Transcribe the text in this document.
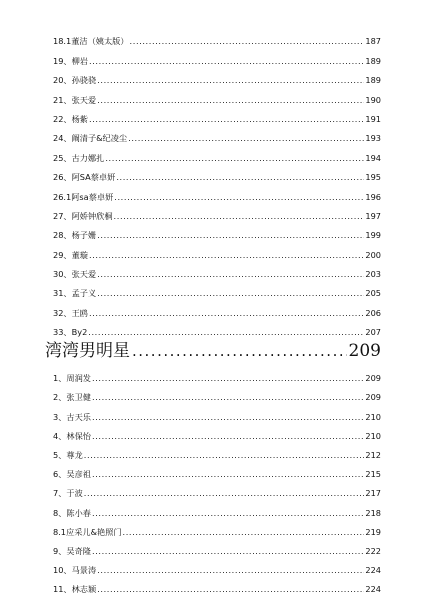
18.1董洁（姨太版） .....	187
19、柳岩 .....	189
20、孙骁骁 .....	189
21、张天爱 .....	190
22、杨紫 .....	191
24、阚清子&纪凌尘 .....	193
25、古力娜扎 .....	194
26、阿SA蔡卓妍 .....	195
26.1阿sa蔡卓妍 .....	196
27、阿娇钟欣桐 .....	197
28、杨子姗 .....	199
29、董璇 .....	200
30、张天爱 .....	203
31、孟子义 .....	205
32、王鸥 .....	206
33、By2 .....	207
湾湾男明星 .....	209
1、周润发 .....	209
2、张卫健 .....	209
3、古天乐 .....	210
4、林保怡 .....	210
5、尊龙 .....	212
6、吴彦祖 .....	215
7、于波 .....	217
8、陈小春 .....	218
8.1应采儿&艳照门 .....	219
9、吴奇隆 .....	222
10、马景涛 .....	224
11、林志颖 .....	224
